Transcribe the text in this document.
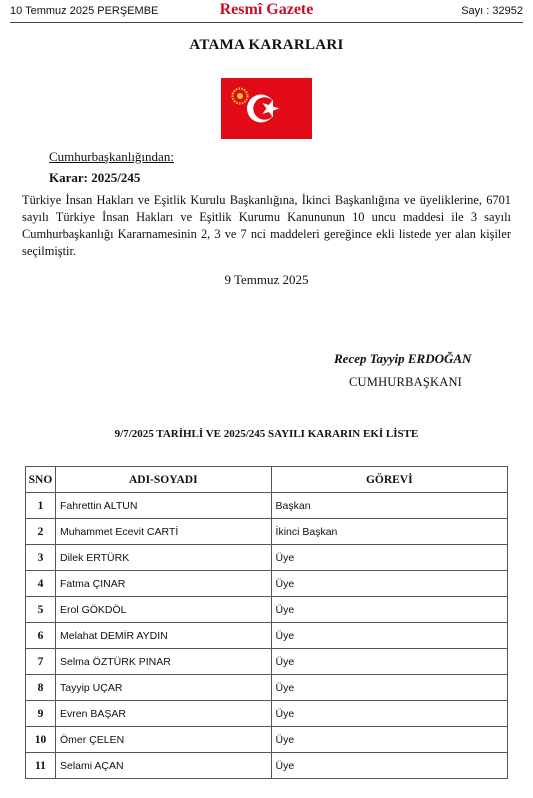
10 Temmuz 2025 PERŞEMBE	Resmî Gazete	Sayı : 32952
ATAMA KARARLARI
Cumhurbaşkanlığından:
Karar: 2025/245

Türkiye İnsan Hakları ve Eşitlik Kurulu Başkanlığına, İkinci Başkanlığına ve üyeliklerine, 6701 sayılı Türkiye İnsan Hakları ve Eşitlik Kurumu Kanununun 10 uncu maddesi ile 3 sayılı Cumhurbaşkanlığı Kararnamesinin 2, 3 ve 7 nci maddeleri gereğince ekli listede yer alan kişiler seçilmiştir.

9 Temmuz 2025
Recep Tayyip ERDOĞAN
CUMHURBAŞKANI
9/7/2025 TARİHLİ VE 2025/245 SAYILI KARARIN EKİ LİSTE
SNO	ADI-SOYADI	GÖREVİ
1	Fahrettin ALTUN	Başkan
2	Muhammet Ecevit CARTİ	İkinci Başkan
3	Dilek ERTÜRK	Üye
4	Fatma ÇINAR	Üye
5	Erol GÖKDÖL	Üye
6	Melahat DEMİR AYDIN	Üye
7	Selma ÖZTÜRK PINAR	Üye
8	Tayyip UÇAR	Üye
9	Evren BAŞAR	Üye
10	Ömer ÇELEN	Üye
11	Selami AÇAN	Üye
